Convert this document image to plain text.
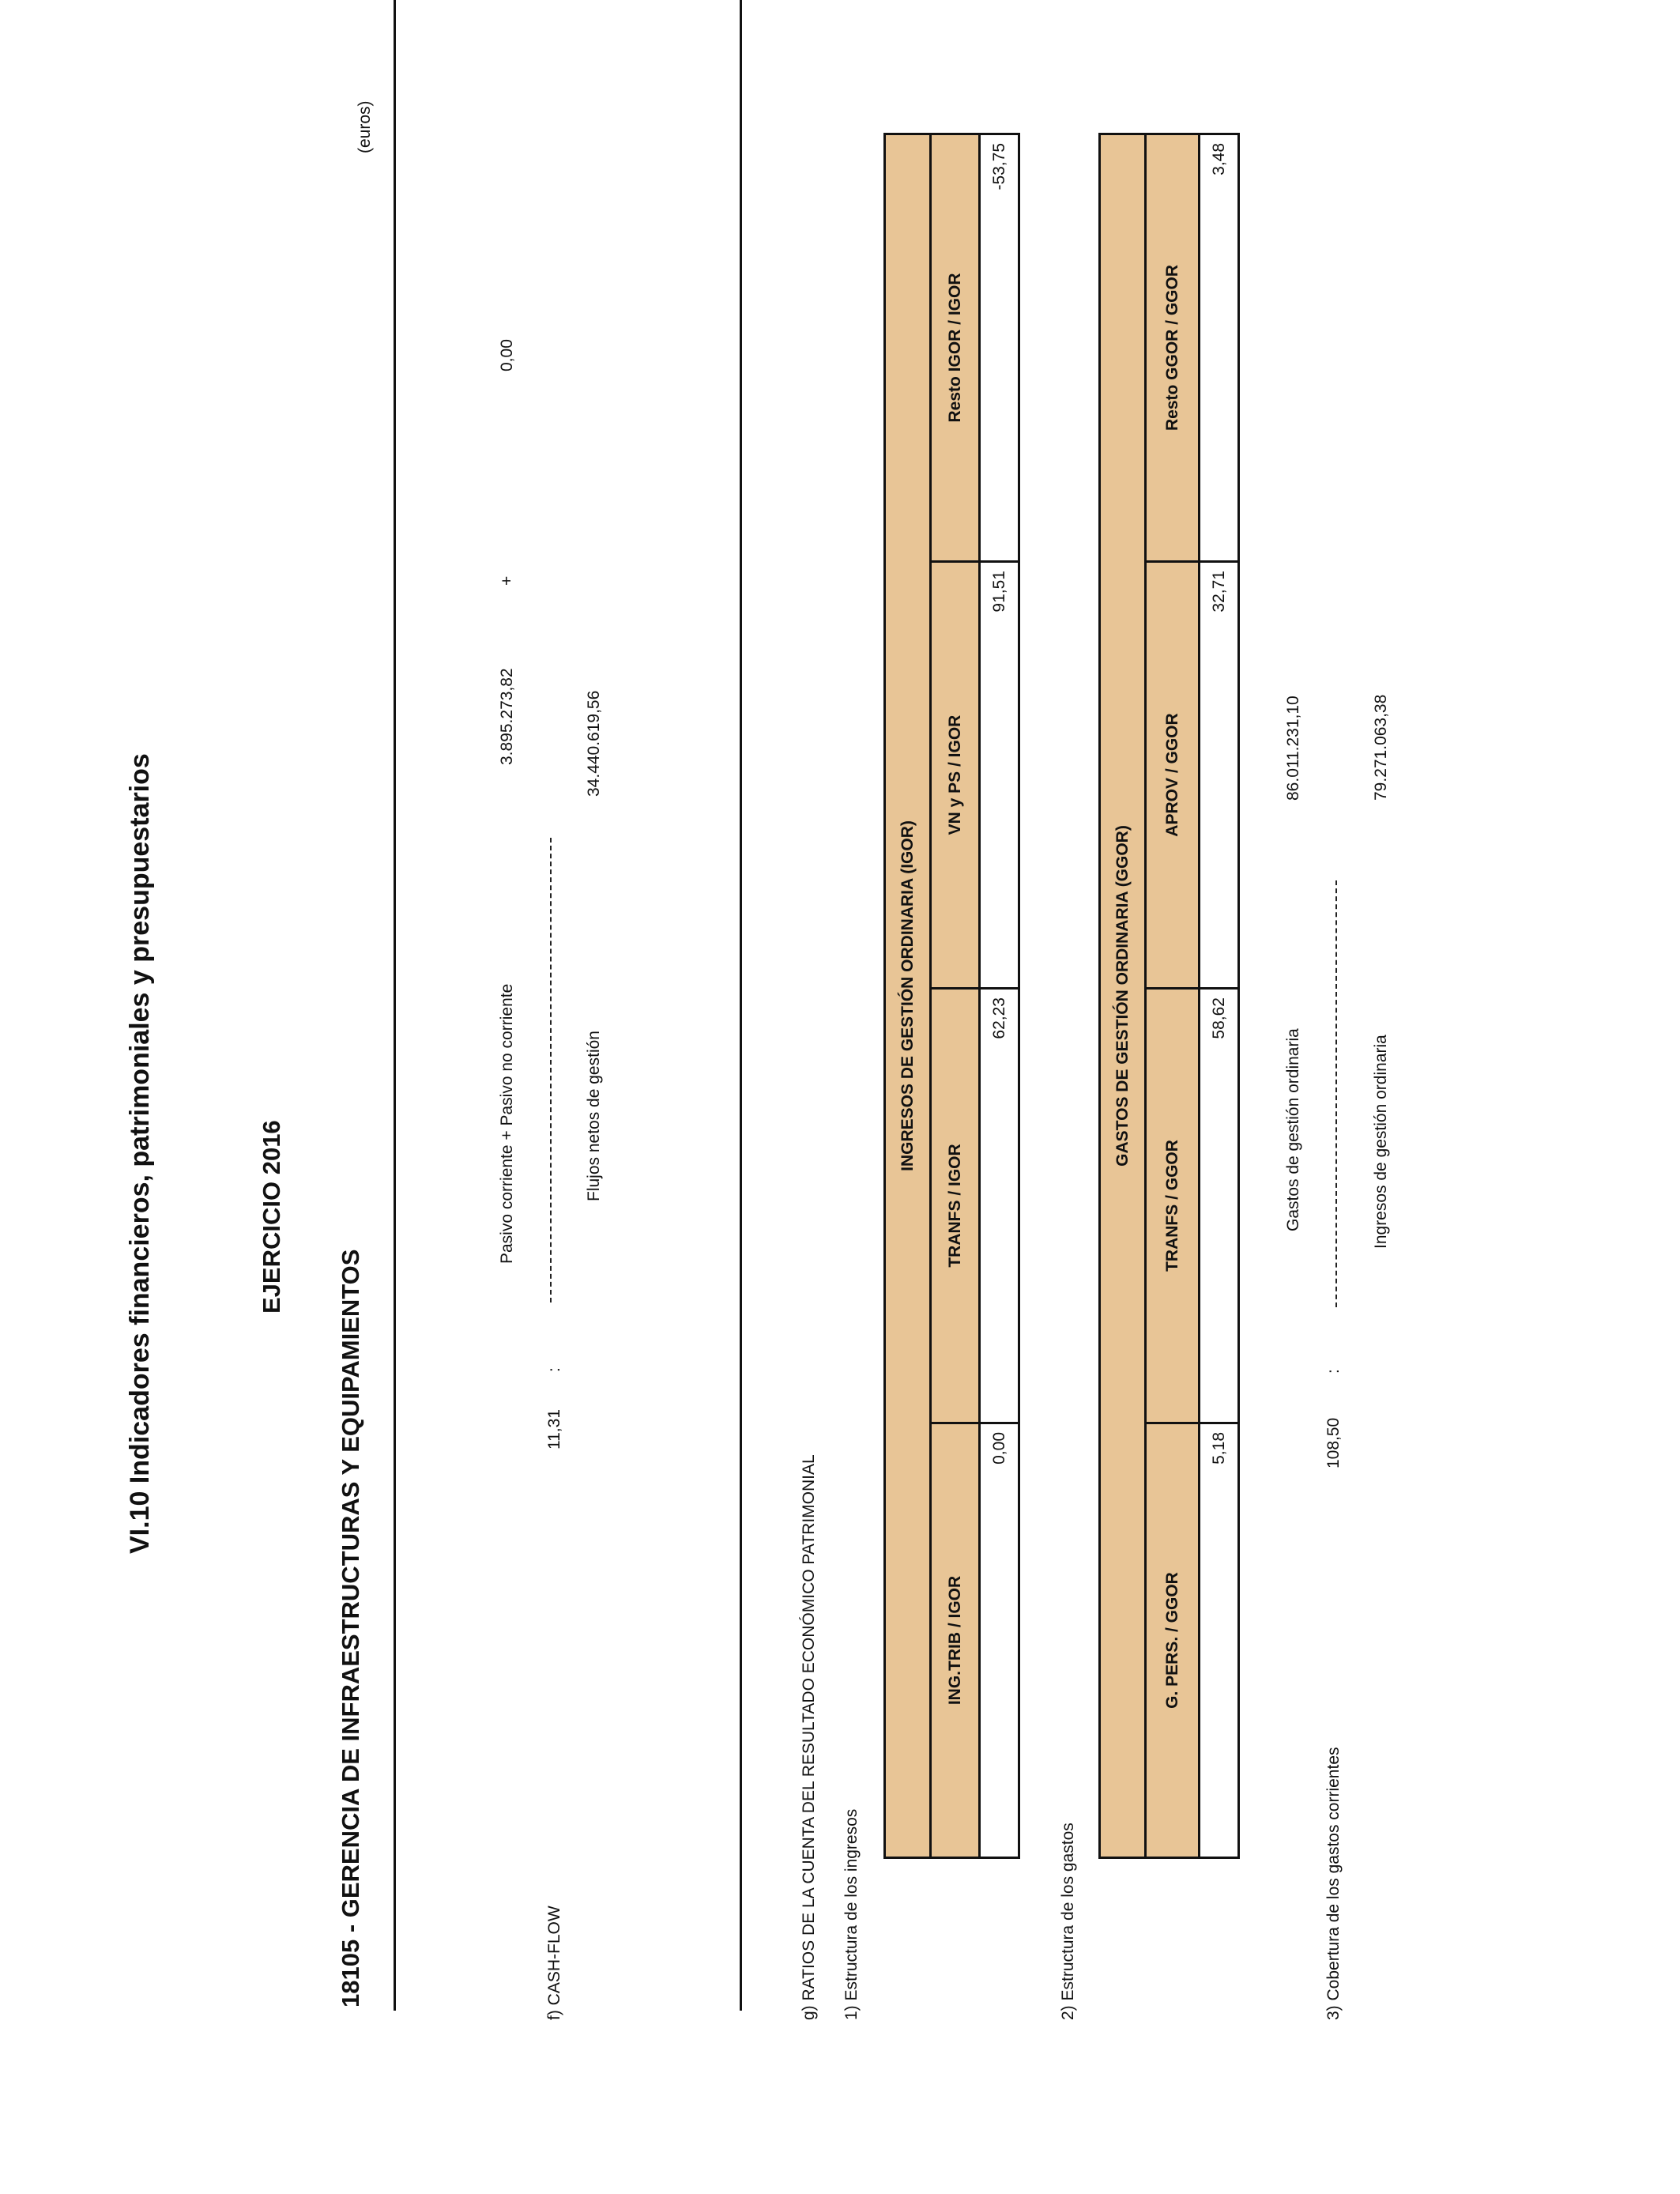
VI.10 Indicadores financieros, patrimoniales y presupuestarios	EJERCICIO 2016
18105 - GERENCIA DE INFRAESTRUCTURAS Y EQUIPAMIENTOS
(euros)
f) CASH-FLOW
11,31
:
Pasivo corriente + Pasivo no corriente
3.895.273,82
+
0,00
Flujos netos de gestión
34.440.619,56
g) RATIOS DE LA CUENTA DEL RESULTADO ECONÓMICO PATRIMONIAL 1) Estructura de los ingresos
INGRESOS DE GESTIÓN ORDINARIA (IGOR)			
ING.TRIB / IGOR	TRANFS / IGOR	VN y PS / IGOR	Resto IGOR / IGOR
0,00	62,23	91,51	-53,75
2) Estructura de los gastos
GASTOS DE GESTIÓN ORDINARIA (GGOR)			
G. PERS. / GGOR	TRANFS / GGOR	APROV / GGOR	Resto GGOR / GGOR
5,18	58,62	32,71	3,48
3) Cobertura de los gastos corrientes
108,50
:
Gastos de gestión ordinaria
86.011.231,10
Ingresos de gestión ordinaria
79.271.063,38
